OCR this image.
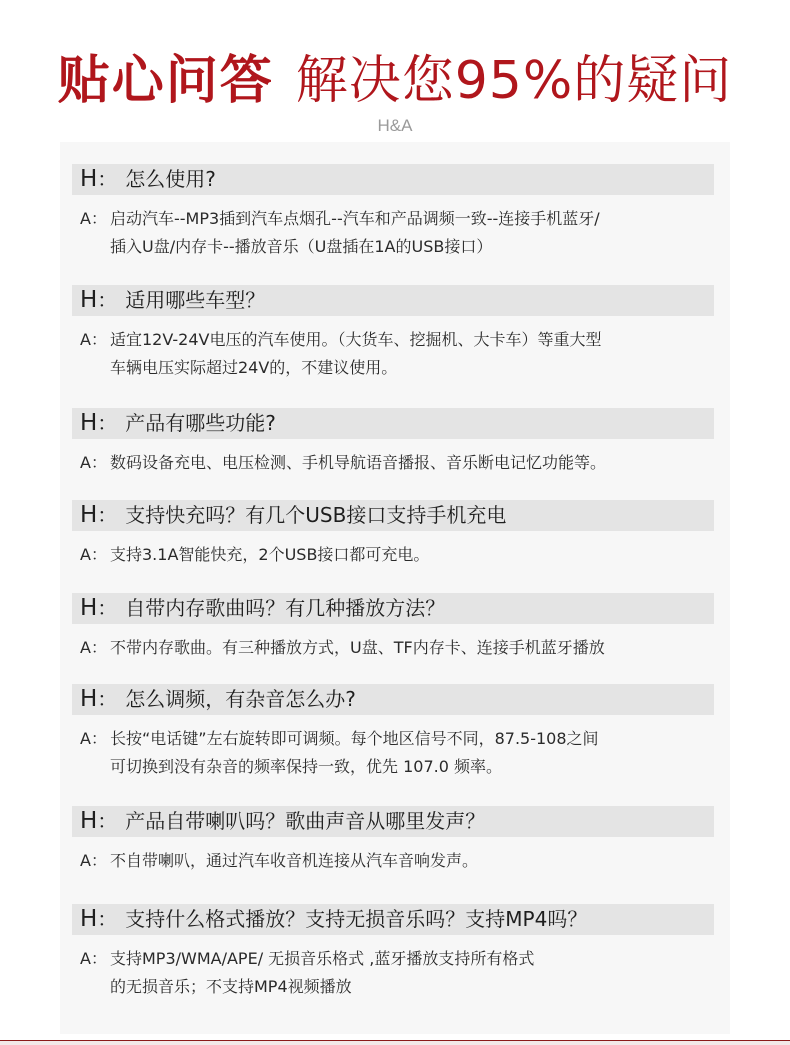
贴心问答 解决您95%的疑问
H&A
H： 怎么使用?
A： 启动汽车--MP3插到汽车点烟孔--汽车和产品调频一致--连接手机蓝牙/
插入U盘/内存卡--播放音乐（U盘插在1A的USB接口）
H： 适用哪些车型？
A： 适宜12V-24V电压的汽车使用。（大货车、挖掘机、大卡车）等重大型
车辆电压实际超过24V的，不建议使用。
H： 产品有哪些功能?
A： 数码设备充电、电压检测、手机导航语音播报、音乐断电记忆功能等。
H： 支持快充吗？有几个USB接口支持手机充电
A： 支持3.1A智能快充，2个USB接口都可充电。
H： 自带内存歌曲吗？有几种播放方法？
A： 不带内存歌曲。有三种播放方式，U盘、TF内存卡、连接手机蓝牙播放
H： 怎么调频，有杂音怎么办?
A： 长按“电话键”左右旋转即可调频。每个地区信号不同，87.5-108之间
可切换到没有杂音的频率保持一致，优先 107.0 频率。
H： 产品自带喇叭吗？歌曲声音从哪里发声？
A： 不自带喇叭，通过汽车收音机连接从汽车音响发声。
H： 支持什么格式播放？支持无损音乐吗？支持MP4吗？
A： 支持MP3/WMA/APE/ 无损音乐格式 ,蓝牙播放支持所有格式
的无损音乐；不支持MP4视频播放
